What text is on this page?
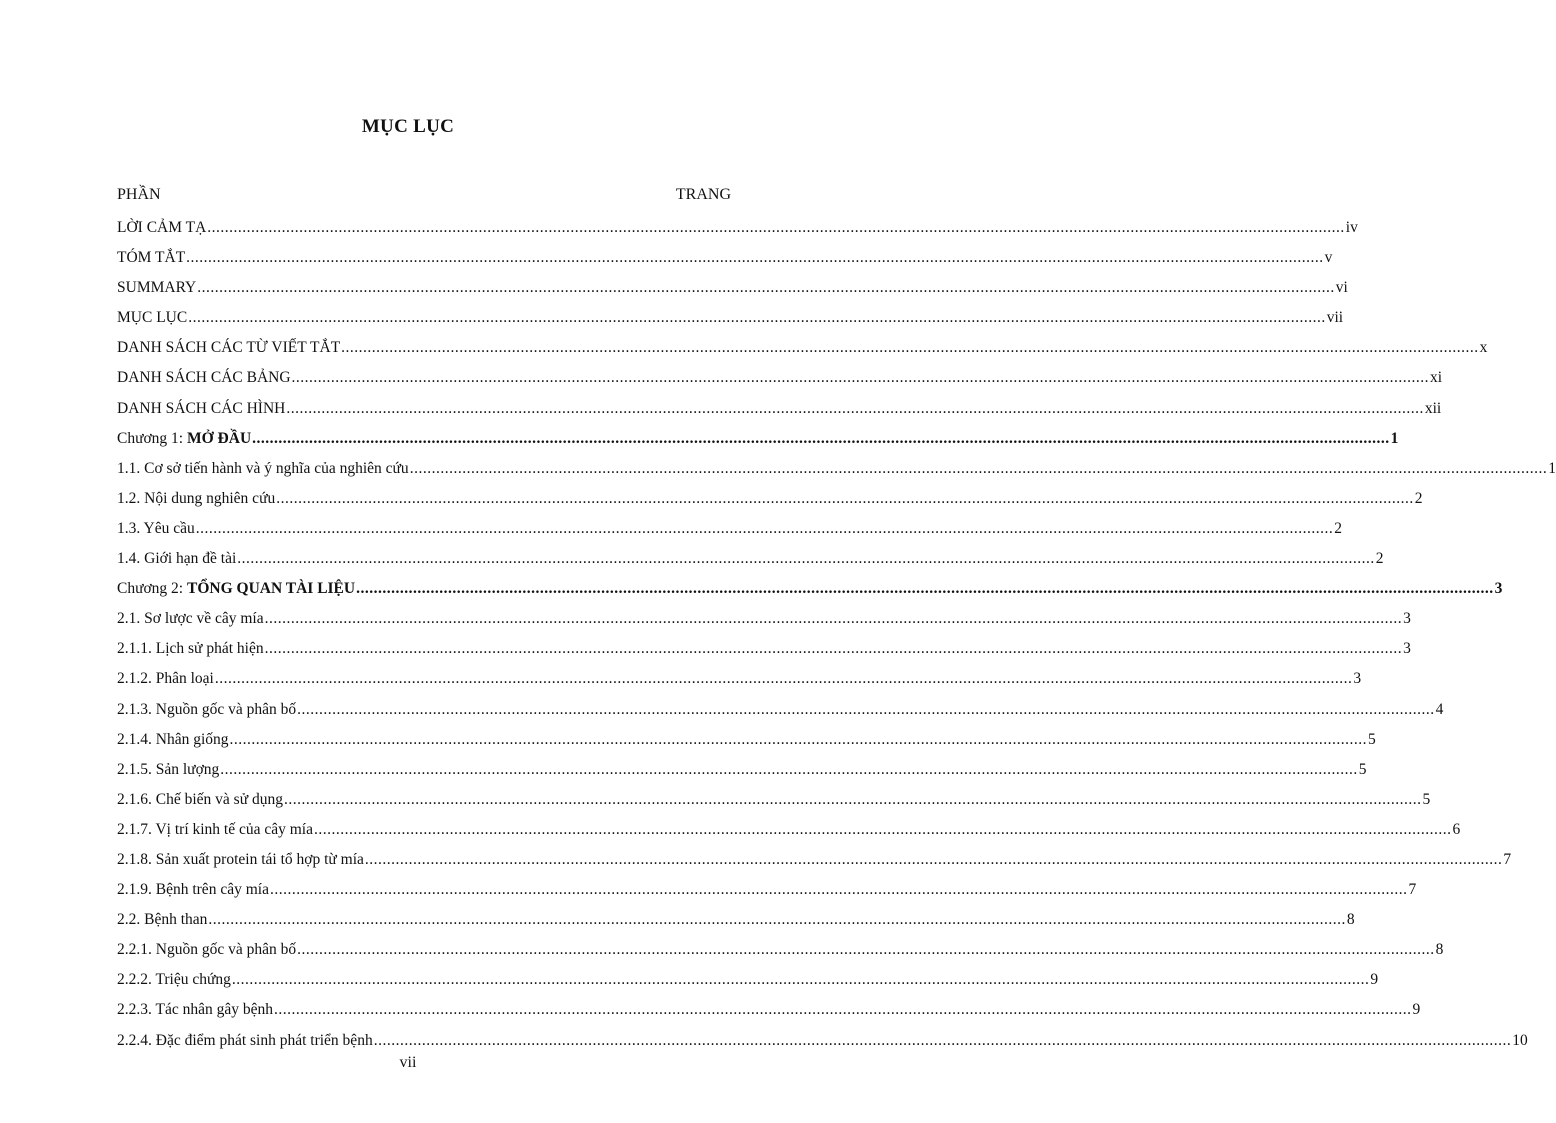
MỤC LỤC
PHẦN	TRANG
LỜI CẢM TẠ .................................................................................................................................................................................................................................................................... iv
TÓM TẮT .................................................................................................................................................................................................................................................................... v
SUMMARY .................................................................................................................................................................................................................................................................... vi
MỤC LỤC .................................................................................................................................................................................................................................................................... vii
DANH SÁCH CÁC TỪ VIẾT TẮT .................................................................................................................................................................................................................................................................... x
DANH SÁCH CÁC BẢNG .................................................................................................................................................................................................................................................................... xi
DANH SÁCH CÁC HÌNH .................................................................................................................................................................................................................................................................... xii
Chương 1: MỞ ĐẦU .................................................................................................................................................................................................................................................................... 1
1.1. Cơ sở tiến hành và ý nghĩa của nghiên cứu .................................................................................................................................................................................................................................................................... 1
1.2. Nội dung nghiên cứu .................................................................................................................................................................................................................................................................... 2
1.3. Yêu cầu .................................................................................................................................................................................................................................................................... 2
1.4. Giới hạn đề tài .................................................................................................................................................................................................................................................................... 2
Chương 2: TỔNG QUAN TÀI LIỆU .................................................................................................................................................................................................................................................................... 3
2.1. Sơ lược về cây mía .................................................................................................................................................................................................................................................................... 3
2.1.1. Lịch sử phát hiện .................................................................................................................................................................................................................................................................... 3
2.1.2. Phân loại .................................................................................................................................................................................................................................................................... 3
2.1.3. Nguồn gốc và phân bố .................................................................................................................................................................................................................................................................... 4
2.1.4. Nhân giống .................................................................................................................................................................................................................................................................... 5
2.1.5. Sản lượng .................................................................................................................................................................................................................................................................... 5
2.1.6. Chế biến và sử dụng .................................................................................................................................................................................................................................................................... 5
2.1.7. Vị trí kinh tế của cây mía .................................................................................................................................................................................................................................................................... 6
2.1.8. Sản xuất protein tái tổ hợp từ mía .................................................................................................................................................................................................................................................................... 7
2.1.9. Bệnh trên cây mía .................................................................................................................................................................................................................................................................... 7
2.2. Bệnh than .................................................................................................................................................................................................................................................................... 8
2.2.1. Nguồn gốc và phân bố .................................................................................................................................................................................................................................................................... 8
2.2.2. Triệu chứng .................................................................................................................................................................................................................................................................... 9
2.2.3. Tác nhân gây bệnh .................................................................................................................................................................................................................................................................... 9
2.2.4. Đặc điểm phát sinh phát triển bệnh .................................................................................................................................................................................................................................................................... 10
vii
